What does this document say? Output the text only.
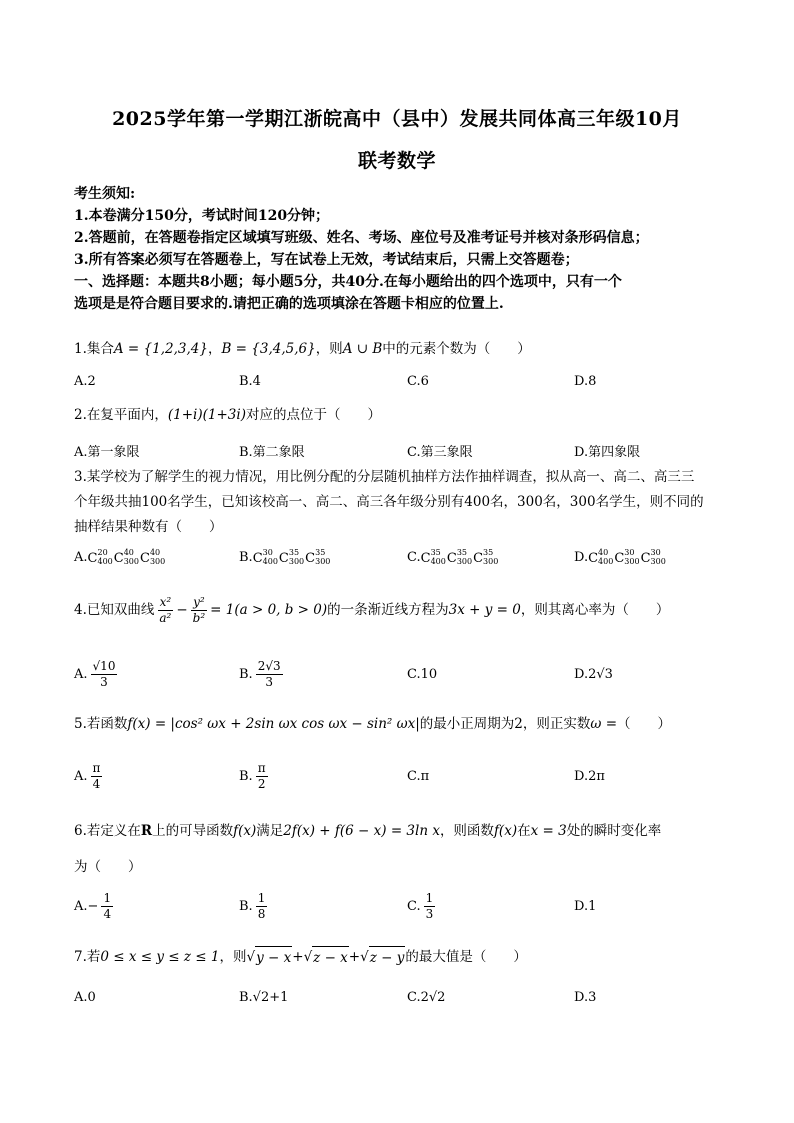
2025学年第一学期江浙皖高中（县中）发展共同体高三年级10月
联考数学
考生须知:
1.本卷满分150分，考试时间120分钟；
2.答题前，在答题卷指定区域填写班级、姓名、考场、座位号及准考证号并核对条形码信息；
3.所有答案必须写在答题卷上，写在试卷上无效，考试结束后，只需上交答题卷；
一、选择题：本题共8小题；每小题5分，共40分.在每小题给出的四个选项中，只有一个
选项是是符合题目要求的.请把正确的选项填涂在答题卡相应的位置上.
1.集合A = {1,2,3,4}，B = {3,4,5,6}，则A ∪ B中的元素个数为（　　）
A.2	B.4	C.6	D.8
2.在复平面内，(1+i)(1+3i)对应的点位于（　　）
A.第一象限	B.第二象限	C.第三象限	D.第四象限
3.某学校为了解学生的视力情况，用比例分配的分层随机抽样方法作抽样调查，拟从高一、高二、高三三
个年级共抽100名学生，已知该校高一、高二、高三各年级分别有400名，300名，300名学生，则不同的
抽样结果种数有（　　）
A. C 20
400 C 40
300 C 40
300	B. C 30
400 C 35
300 C 35
300	C. C 35
400 C 35
300 C 35
300	D. C 40
400 C 30
300 C 30
300
4.已知双曲线 $\frac{\text{x²}}{\text{a²}} - \frac{\text{y²}}{\text{b²}} = 1(a > 0$, b > 0) 的一条渐近线方程为 3x + y = 0 ，则其离心率为（　　）
A. $\frac{√10}{3}$	B. $\frac{2√3}{3}$	C.10	D.2√3
5.若函数 f(x) = |cos² ωx + 2sin ωx cos ωx − sin² ωx| 的最小正周期为2，则正实数 ω = （　　）
A. $\frac{\pi}{4}$	B. $\frac{\pi}{2}$	C.π	D.2π
6.若定义在 R 上的可导函数 f(x) 满足 2f(x) + f(6 − x) = 3ln x ，则函数 f(x) 在 x = 3 处的瞬时变化率
为（　　）
A. − $\frac{1}{4}$	B. $\frac{1}{8}$	C. $\frac{1}{3}$	D.1
7.若 0 ≤ x ≤ y ≤ z ≤ 1 ，则 √ y − x + √ z − x + √ z − y 的最大值是（　　）
A.0	B.√2+1	C.2√2	D.3
